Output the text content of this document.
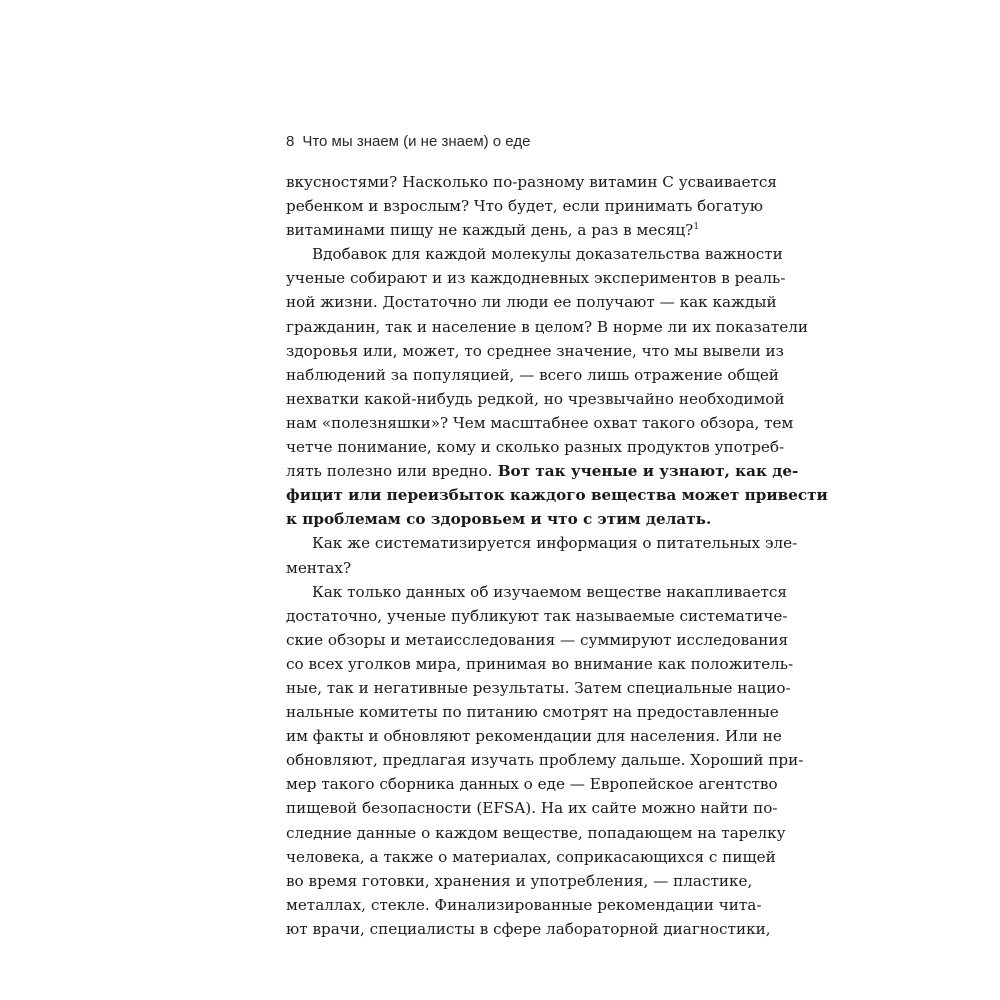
8 Что мы знаем (и не знаем) о еде
вкусностями? Насколько по-разному витамин С усваивается
ребенком и взрослым? Что будет, если принимать богатую
витаминами пищу не каждый день, а раз в месяц?$^1$
Вдобавок для каждой молекулы доказательства важности
ученые собирают и из каждодневных экспериментов в реаль-
ной жизни. Достаточно ли люди ее получают — как каждый
гражданин, так и население в целом? В норме ли их показатели
здоровья или, может, то среднее значение, что мы вывели из
наблюдений за популяцией, — всего лишь отражение общей
нехватки какой-нибудь редкой, но чрезвычайно необходимой
нам «полезняшки»? Чем масштабнее охват такого обзора, тем
четче понимание, кому и сколько разных продуктов употреб-
лять полезно или вредно. Вот так ученые и узнают, как де-
фицит или переизбыток каждого вещества может привести
к проблемам со здоровьем и что с этим делать.
Как же систематизируется информация о питательных эле-
ментах?
Как только данных об изучаемом веществе накапливается
достаточно, ученые публикуют так называемые систематиче-
ские обзоры и метаисследования — суммируют исследования
со всех уголков мира, принимая во внимание как положитель-
ные, так и негативные результаты. Затем специальные нацио-
нальные комитеты по питанию смотрят на предоставленные
им факты и обновляют рекомендации для населения. Или не
обновляют, предлагая изучать проблему дальше. Хороший при-
мер такого сборника данных о еде — Европейское агентство
пищевой безопасности (EFSA). На их сайте можно найти по-
следние данные о каждом веществе, попадающем на тарелку
человека, а также о материалах, соприкасающихся с пищей
во время готовки, хранения и употребления, — пластике,
металлах, стекле. Финализированные рекомендации чита-
ют врачи, специалисты в сфере лабораторной диагностики,
